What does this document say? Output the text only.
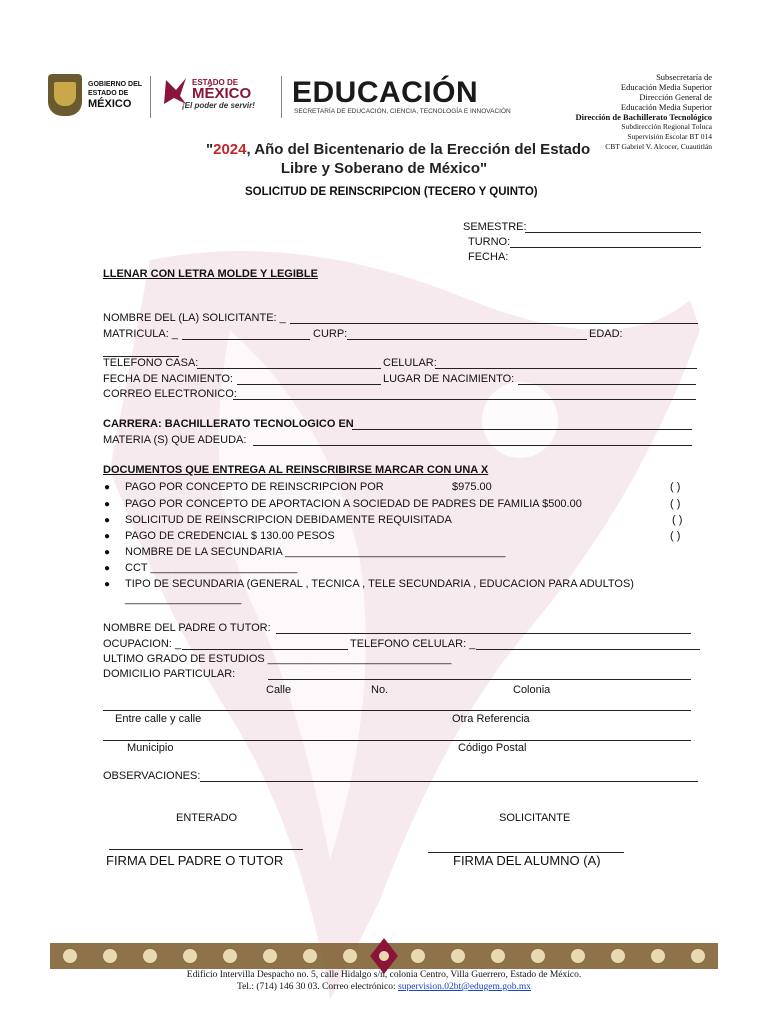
GOBIERNO DEL
ESTADO DE
MÉXICO
ESTADO DE
MÉXICO
¡El poder de servir! EDUCACIÓN
SECRETARÍA DE EDUCACIÓN, CIENCIA, TECNOLOGÍA E INNOVACIÓN
Subsecretaría de
Educación Media Superior
Dirección General de
Educación Media Superior
Dirección de Bachillerato Tecnológico
Subdirección Regional Toluca
Supervisión Escolar BT 014
CBT Gabriel V. Alcocer, Cuautitlán
"2024, Año del Bicentenario de la Erección del Estado
Libre y Soberano de México"
SOLICITUD DE REINSCRIPCION (TECERO Y QUINTO)
SEMESTRE:
TURNO:
FECHA:
LLENAR CON LETRA MOLDE Y LEGIBLE
NOMBRE DEL (LA) SOLICITANTE: _
MATRICULA: _	CURP:	EDAD:
TELEFONO CASA:	CELULAR:
FECHA DE NACIMIENTO:	LUGAR DE NACIMIENTO:
CORREO ELECTRONICO:
CARRERA: BACHILLERATO TECNOLOGICO EN
MATERIA (S) QUE ADEUDA:
DOCUMENTOS QUE ENTREGA AL REINSCRIBIRSE MARCAR CON UNA X
● PAGO POR CONCEPTO DE REINSCRIPCION POR	$975.00	( )
● PAGO POR CONCEPTO DE APORTACION A SOCIEDAD DE PADRES DE FAMILIA $500.00	( )
● SOLICITUD DE REINSCRIPCION DEBIDAMENTE REQUISITADA	( )
● PAGO DE CREDENCIAL $ 130.00 PESOS	( )
● NOMBRE DE LA SECUNDARIA ____________________________________
● CCT ________________________
● TIPO DE SECUNDARIA (GENERAL , TECNICA , TELE SECUNDARIA , EDUCACION PARA ADULTOS)
___________________
NOMBRE DEL PADRE O TUTOR:
OCUPACION: _	TELEFONO CELULAR: _
ULTIMO GRADO DE ESTUDIOS ______________________________
DOMICILIO PARTICULAR:
Calle	No.	Colonia
Entre calle y calle	Otra Referencia
Municipio	Código Postal
OBSERVACIONES:
ENTERADO	SOLICITANTE
FIRMA DEL PADRE O TUTOR	FIRMA DEL ALUMNO (A)
Edificio Intervilla Despacho no. 5, calle Hidalgo s/n, colonia Centro, Villa Guerrero, Estado de México.
Tel.: (714) 146 30 03. Correo electrónico: supervision.02bt@edugem.gob.mx
